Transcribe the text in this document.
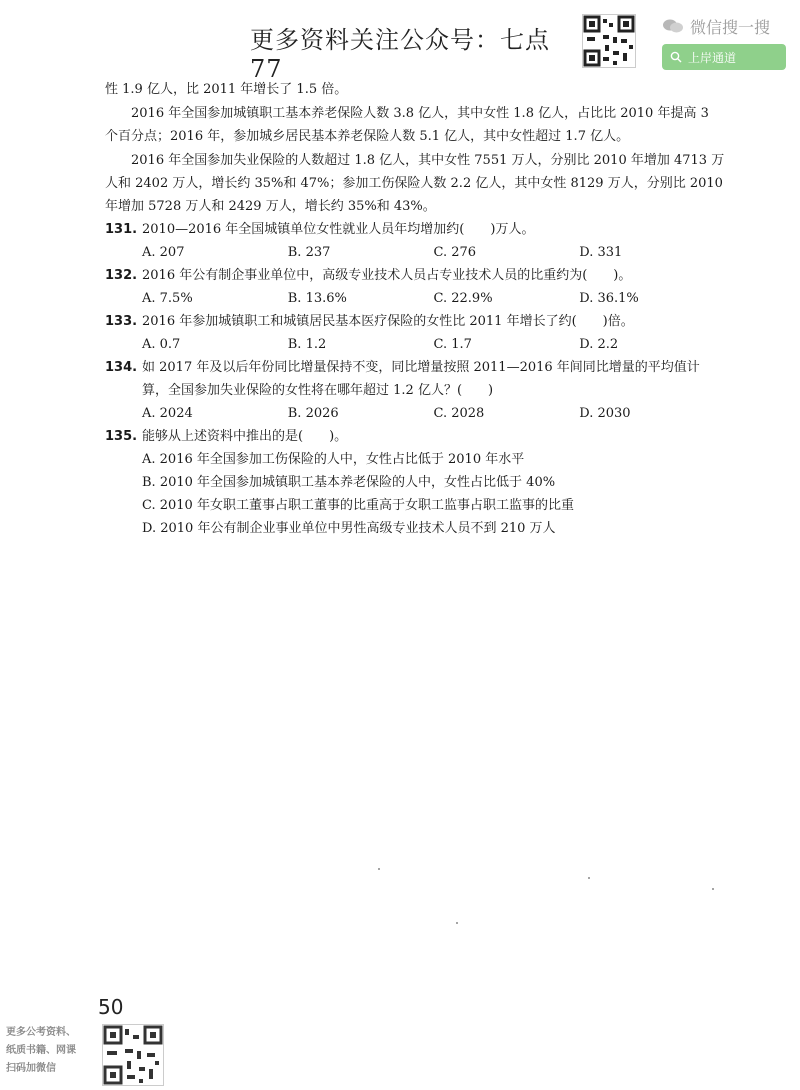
更多资料关注公众号：七点77
微信搜一搜
上岸通道

性 1.9 亿人，比 2011 年增长了 1.5 倍。

2016 年全国参加城镇职工基本养老保险人数 3.8 亿人，其中女性 1.8 亿人，占比比 2010 年提高 3 个百分点；2016 年，参加城乡居民基本养老保险人数 5.1 亿人，其中女性超过 1.7 亿人。

2016 年全国参加失业保险的人数超过 1.8 亿人，其中女性 7551 万人，分别比 2010 年增加 4713 万人和 2402 万人，增长约 35%和 47%；参加工伤保险人数 2.2 亿人，其中女性 8129 万人，分别比 2010 年增加 5728 万人和 2429 万人，增长约 35%和 43%。

131. 2010—2016 年全国城镇单位女性就业人员年均增加约(　　)万人。
A. 207	B. 237	C. 276	D. 331
132. 2016 年公有制企事业单位中，高级专业技术人员占专业技术人员的比重约为(　　)。
A. 7.5%	B. 13.6%	C. 22.9%	D. 36.1%
133. 2016 年参加城镇职工和城镇居民基本医疗保险的女性比 2011 年增长了约(　　)倍。
A. 0.7	B. 1.2	C. 1.7	D. 2.2
134. 如 2017 年及以后年份同比增量保持不变，同比增量按照 2011—2016 年间同比增量的平均值计算，全国参加失业保险的女性将在哪年超过 1.2 亿人？(　　)
A. 2024	B. 2026	C. 2028	D. 2030
135. 能够从上述资料中推出的是(　　)。
A. 2016 年全国参加工伤保险的人中，女性占比低于 2010 年水平
B. 2010 年全国参加城镇职工基本养老保险的人中，女性占比低于 40%
C. 2010 年女职工董事占职工董事的比重高于女职工监事占职工监事的比重
D. 2010 年公有制企业事业单位中男性高级专业技术人员不到 210 万人
50
更多公考资料、
纸质书籍、网课
扫码加微信
